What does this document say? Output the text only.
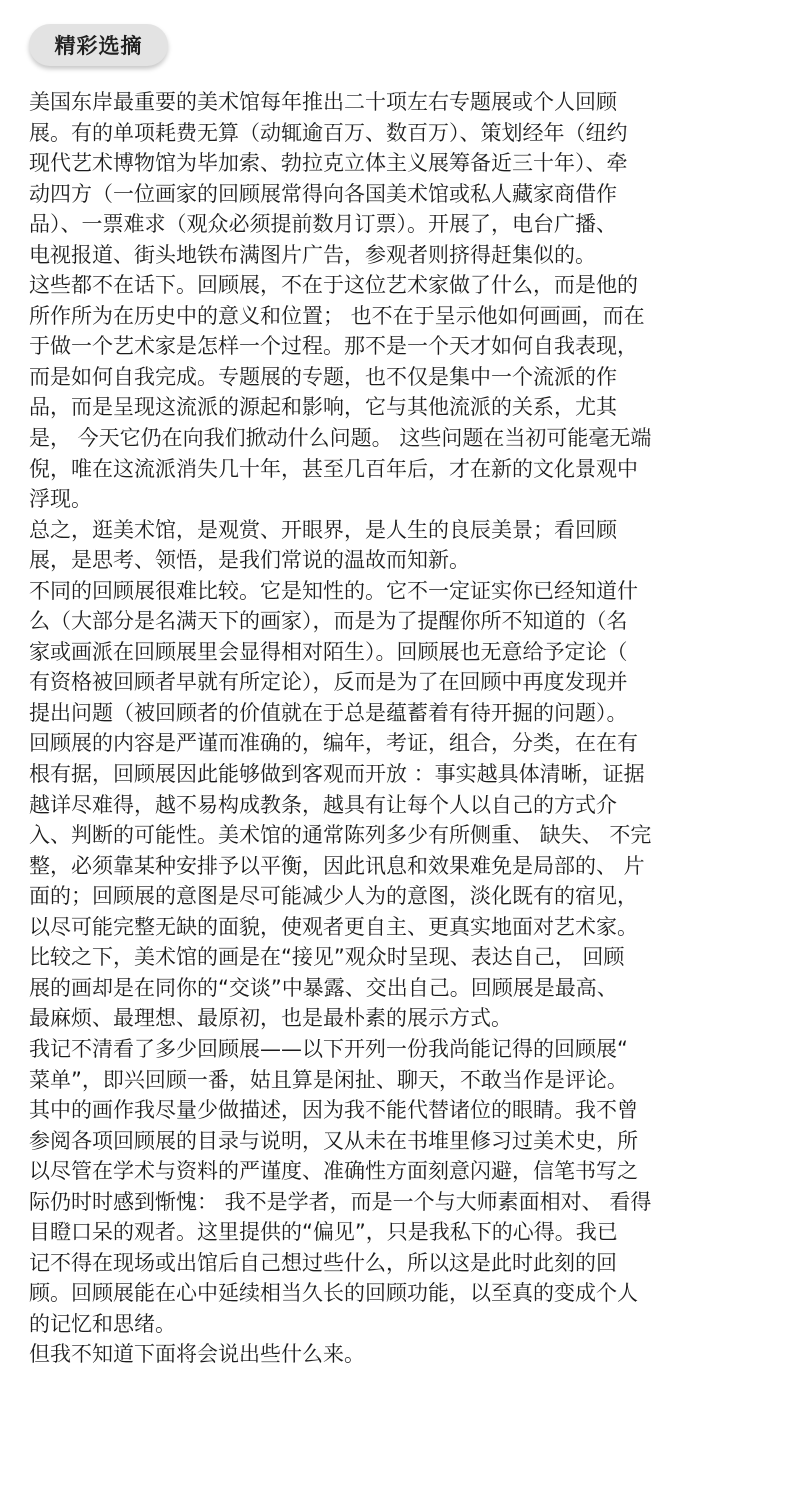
精彩选摘
美国东岸最重要的美术馆每年推出二十项左右专题展或个人回顾
展。有的单项耗费无算（动辄逾百万、数百万）、策划经年（纽约
现代艺术博物馆为毕加索、勃拉克立体主义展筹备近三十年）、牵
动四方（一位画家的回顾展常得向各国美术馆或私人藏家商借作
品）、一票难求（观众必须提前数月订票）。开展了，电台广播、
电视报道、街头地铁布满图片广告，参观者则挤得赶集似的。
这些都不在话下。回顾展，不在于这位艺术家做了什么，而是他的
所作所为在历史中的意义和位置； 也不在于呈示他如何画画，而在
于做一个艺术家是怎样一个过程。那不是一个天才如何自我表现，
而是如何自我完成。专题展的专题，也不仅是集中一个流派的作
品，而是呈现这流派的源起和影响，它与其他流派的关系，尤其
是， 今天它仍在向我们掀动什么问题。 这些问题在当初可能毫无端
倪，唯在这流派消失几十年，甚至几百年后，才在新的文化景观中
浮现。
总之，逛美术馆，是观赏、开眼界，是人生的良辰美景；看回顾
展，是思考、领悟，是我们常说的温故而知新。
不同的回顾展很难比较。它是知性的。它不一定证实你已经知道什
么（大部分是名满天下的画家），而是为了提醒你所不知道的（名
家或画派在回顾展里会显得相对陌生）。回顾展也无意给予定论（
有资格被回顾者早就有所定论），反而是为了在回顾中再度发现并
提出问题（被回顾者的价值就在于总是蕴蓄着有待开掘的问题）。
回顾展的内容是严谨而准确的，编年，考证，组合，分类，在在有
根有据，回顾展因此能够做到客观而开放 ：事实越具体清晰，证据
越详尽难得，越不易构成教条，越具有让每个人以自己的方式介
入、判断的可能性。美术馆的通常陈列多少有所侧重、 缺失、 不完
整，必须靠某种安排予以平衡，因此讯息和效果难免是局部的、 片
面的；回顾展的意图是尽可能减少人为的意图，淡化既有的宿见，
以尽可能完整无缺的面貌，使观者更自主、更真实地面对艺术家。
比较之下，美术馆的画是在“接见”观众时呈现、表达自己， 回顾
展的画却是在同你的“交谈”中暴露、交出自己。回顾展是最高、
最麻烦、最理想、最原初，也是最朴素的展示方式。
我记不清看了多少回顾展——以下开列一份我尚能记得的回顾展“
菜单”，即兴回顾一番，姑且算是闲扯、聊天，不敢当作是评论。
其中的画作我尽量少做描述，因为我不能代替诸位的眼睛。我不曾
参阅各项回顾展的目录与说明，又从未在书堆里修习过美术史，所
以尽管在学术与资料的严谨度、准确性方面刻意闪避，信笔书写之
际仍时时感到惭愧： 我不是学者，而是一个与大师素面相对、 看得
目瞪口呆的观者。这里提供的“偏见”，只是我私下的心得。我已
记不得在现场或出馆后自己想过些什么，所以这是此时此刻的回
顾。回顾展能在心中延续相当久长的回顾功能，以至真的变成个人
的记忆和思绪。
但我不知道下面将会说出些什么来。
